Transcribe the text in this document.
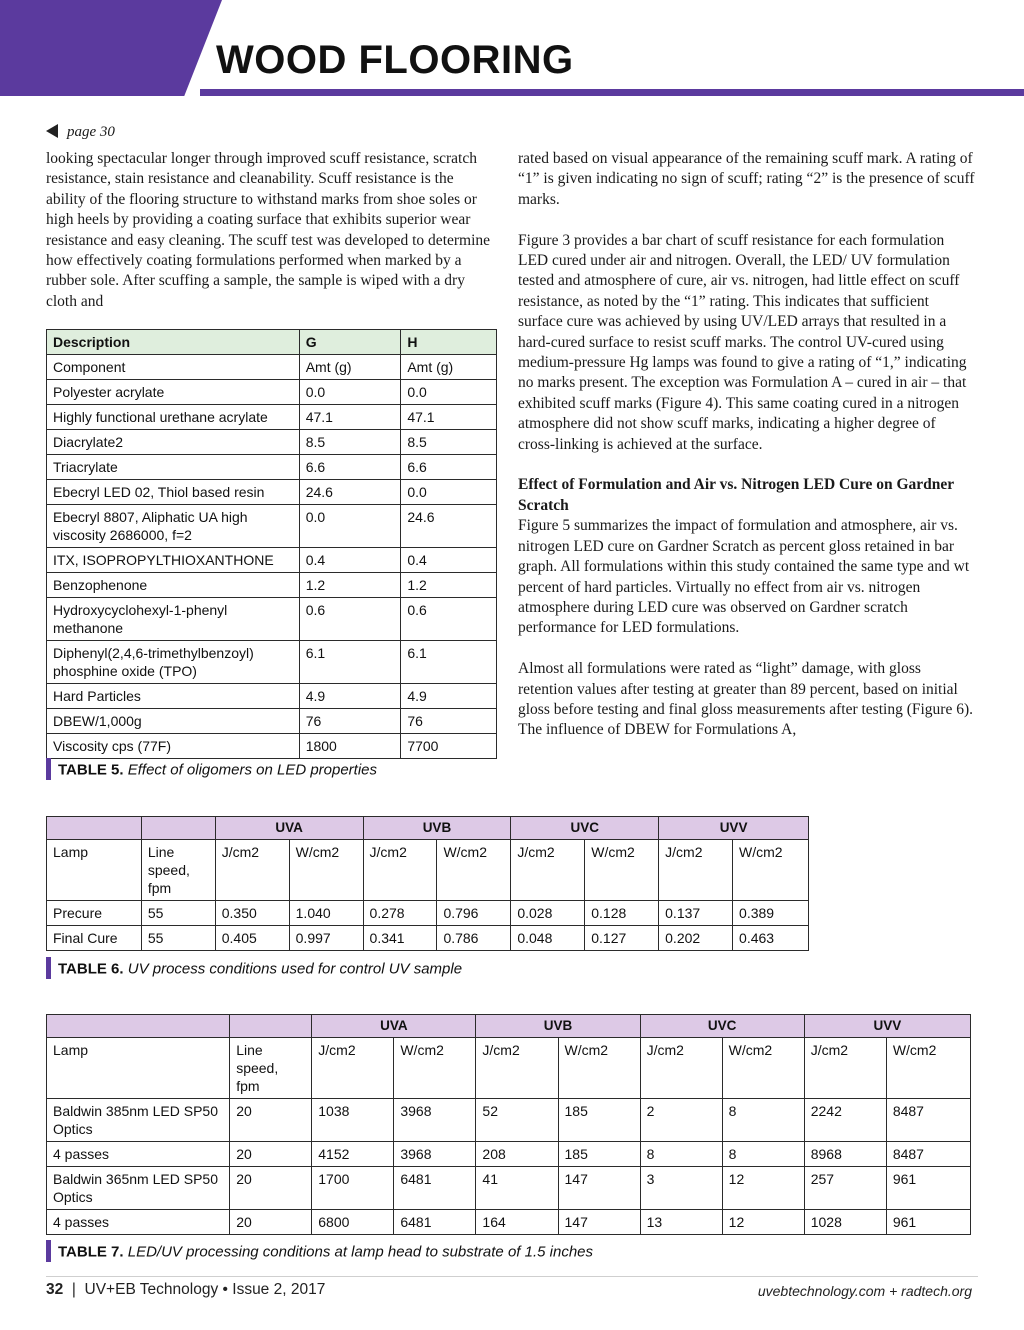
WOOD FLOORING
page 30

looking spectacular longer through improved scuff resistance, scratch resistance, stain resistance and cleanability. Scuff resistance is the ability of the flooring structure to withstand marks from shoe soles or high heels by providing a coating surface that exhibits superior wear resistance and easy cleaning. The scuff test was developed to determine how effectively coating formulations performed when marked by a rubber sole. After scuffing a sample, the sample is wiped with a dry cloth and

rated based on visual appearance of the remaining scuff mark. A rating of “1” is given indicating no sign of scuff; rating “2” is the presence of scuff marks.

Figure 3 provides a bar chart of scuff resistance for each formulation LED cured under air and nitrogen. Overall, the LED/ UV formulation tested and atmosphere of cure, air vs. nitrogen, had little effect on scuff resistance, as noted by the “1” rating. This indicates that sufficient surface cure was achieved by using UV/LED arrays that resulted in a hard-cured surface to resist scuff marks. The control UV-cured using medium-pressure Hg lamps was found to give a rating of “1,” indicating no marks present. The exception was Formulation A – cured in air – that exhibited scuff marks (Figure 4). This same coating cured in a nitrogen atmosphere did not show scuff marks, indicating a higher degree of cross-linking is achieved at the surface.

Effect of Formulation and Air vs. Nitrogen LED Cure on Gardner Scratch

Figure 5 summarizes the impact of formulation and atmosphere, air vs. nitrogen LED cure on Gardner Scratch as percent gloss retained in bar graph. All formulations within this study contained the same type and wt percent of hard particles. Virtually no effect from air vs. nitrogen atmosphere during LED cure was observed on Gardner scratch performance for LED formulations.

Almost all formulations were rated as “light” damage, with gloss retention values after testing at greater than 89 percent, based on initial gloss before testing and final gloss measurements after testing (Figure 6). The influence of DBEW for Formulations A,

Description	G	H
Component	Amt (g)	Amt (g)
Polyester acrylate	0.0	0.0
Highly functional urethane acrylate	47.1	47.1
Diacrylate2	8.5	8.5
Triacrylate	6.6	6.6
Ebecryl LED 02, Thiol based resin	24.6	0.0
Ebecryl 8807, Aliphatic UA high viscosity 2686000, f=2	0.0	24.6
ITX, ISOPROPYLTHIOXANTHONE	0.4	0.4
Benzophenone	1.2	1.2
Hydroxycyclohexyl-1-phenyl methanone	0.6	0.6
Diphenyl(2,4,6-trimethylbenzoyl) phosphine oxide (TPO)	6.1	6.1
Hard Particles	4.9	4.9
DBEW/1,000g	76	76
Viscosity cps (77F)	1800	7700
TABLE 5. Effect of oligomers on LED properties
		UVA		UVB		UVC		UVV	
Lamp	Line speed, fpm	J/cm2	W/cm2	J/cm2	W/cm2	J/cm2	W/cm2	J/cm2	W/cm2
Precure	55	0.350	1.040	0.278	0.796	0.028	0.128	0.137	0.389
Final Cure	55	0.405	0.997	0.341	0.786	0.048	0.127	0.202	0.463
TABLE 6. UV process conditions used for control UV sample
		UVA		UVB		UVC		UVV	
Lamp	Line speed, fpm	J/cm2	W/cm2	J/cm2	W/cm2	J/cm2	W/cm2	J/cm2	W/cm2
Baldwin 385nm LED SP50 Optics	20	1038	3968	52	185	2	8	2242	8487
4 passes	20	4152	3968	208	185	8	8	8968	8487
Baldwin 365nm LED SP50 Optics	20	1700	6481	41	147	3	12	257	961
4 passes	20	6800	6481	164	147	13	12	1028	961
TABLE 7. LED/UV processing conditions at lamp head to substrate of 1.5 inches
32  |  UV+EB Technology • Issue 2, 2017	uvebtechnology.com + radtech.org
